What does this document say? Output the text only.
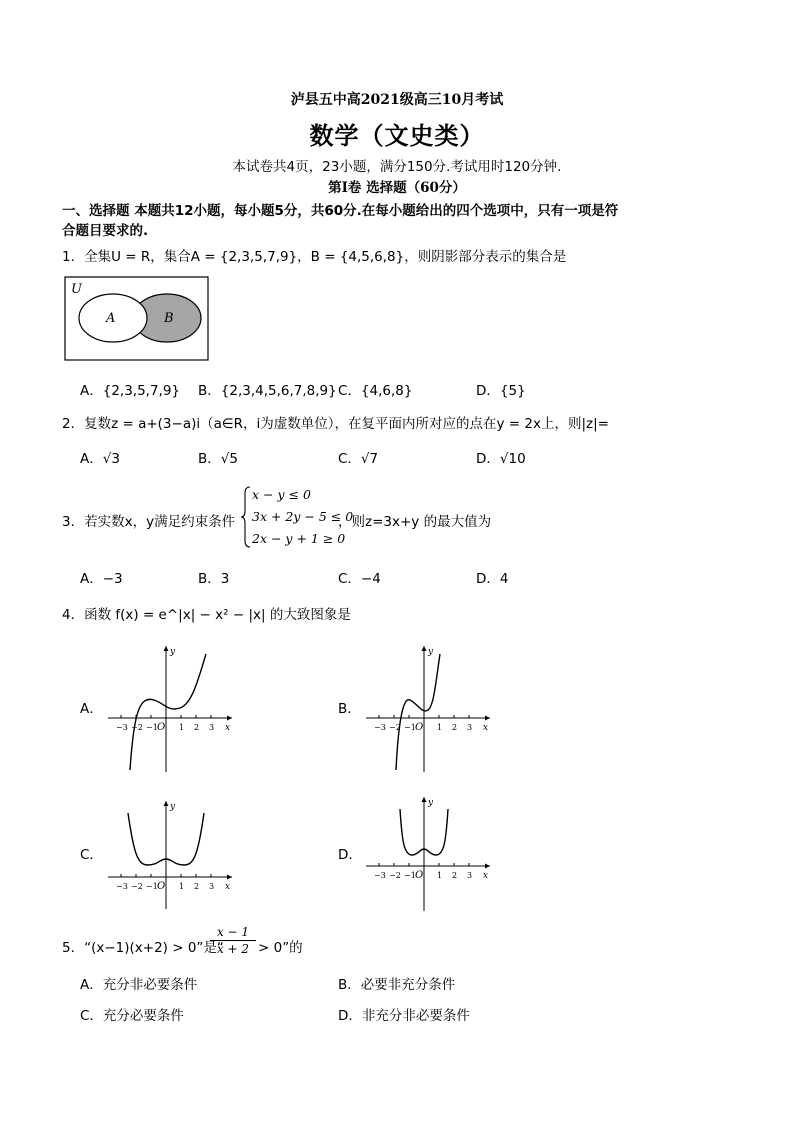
泸县五中高2021级高三10月考试
数学（文史类）
本试卷共4页，23小题，满分150分.考试用时120分钟.
第I卷 选择题（60分）
一、选择题 本题共12小题，每小题5分，共60分.在每小题给出的四个选项中，只有一项是符
合题目要求的.
1．全集U = R，集合A = {2,3,5,7,9}，B = {4,5,6,8}，则阴影部分表示的集合是
U
A	B
A．{2,3,5,7,9} B．{2,3,4,5,6,7,8,9} C．{4,6,8}	D．{5}
2．复数z = a+(3−a)i（a∈R，i为虚数单位），在复平面内所对应的点在y = 2x上，则|z|=
A．√3	B．√5	C．√7	D．√10
3．若实数x，y满足约束条件
x − y ≤ 0
3x + 2y − 5 ≤ 0
2x − y + 1 ≥ 0
，则z=3x+y 的最大值为
A．−3	B．3	C．−4	D．4
4．函数 f(x) = e^|x| − x² − |x| 的大致图象是
A．	B．
C．	D．
y
x
O
−3 −2 −1	1 2 3
y
x
O
−3 −2 −1	1 2 3
y
x
O
−3 −2 −1	1 2 3
y
x
O
−3 −2 −1	1 2 3
5．“(x−1)(x+2) > 0”是“
$\frac{x - 1}{x + 2} > 0$”的
A．充分非必要条件	B．必要非充分条件
C．充分必要条件	D．非充分非必要条件
